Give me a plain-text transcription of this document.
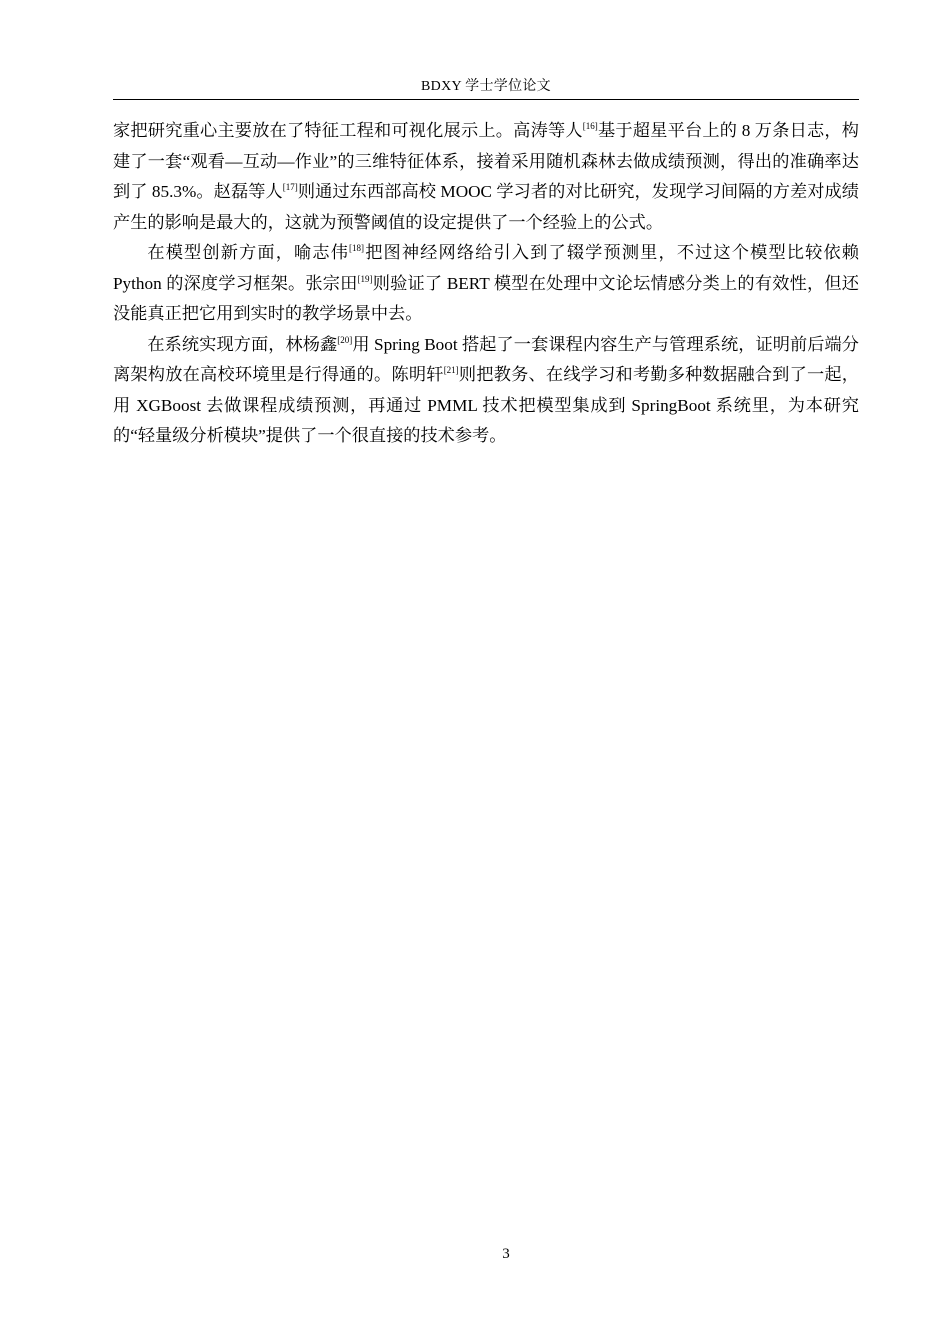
BDXY 学士学位论文

家把研究重心主要放在了特征工程和可视化展示上。高涛等人[16]基于超星平台上的 8 万条日志，构建了一套“观看—互动—作业”的三维特征体系，接着采用随机森林去做成绩预测，得出的准确率达到了 85.3%。赵磊等人[17]则通过东西部高校 MOOC 学习者的对比研究，发现学习间隔的方差对成绩产生的影响是最大的，这就为预警阈值的设定提供了一个经验上的公式。

在模型创新方面，喻志伟[18]把图神经网络给引入到了辍学预测里，不过这个模型比较依赖 Python 的深度学习框架。张宗田[19]则验证了 BERT 模型在处理中文论坛情感分类上的有效性，但还没能真正把它用到实时的教学场景中去。

在系统实现方面，林杨鑫[20]用 Spring Boot 搭起了一套课程内容生产与管理系统，证明前后端分离架构放在高校环境里是行得通的。陈明轩[21]则把教务、在线学习和考勤多种数据融合到了一起，用 XGBoost 去做课程成绩预测，再通过 PMML 技术把模型集成到 SpringBoot 系统里，为本研究的“轻量级分析模块”提供了一个很直接的技术参考。

3
